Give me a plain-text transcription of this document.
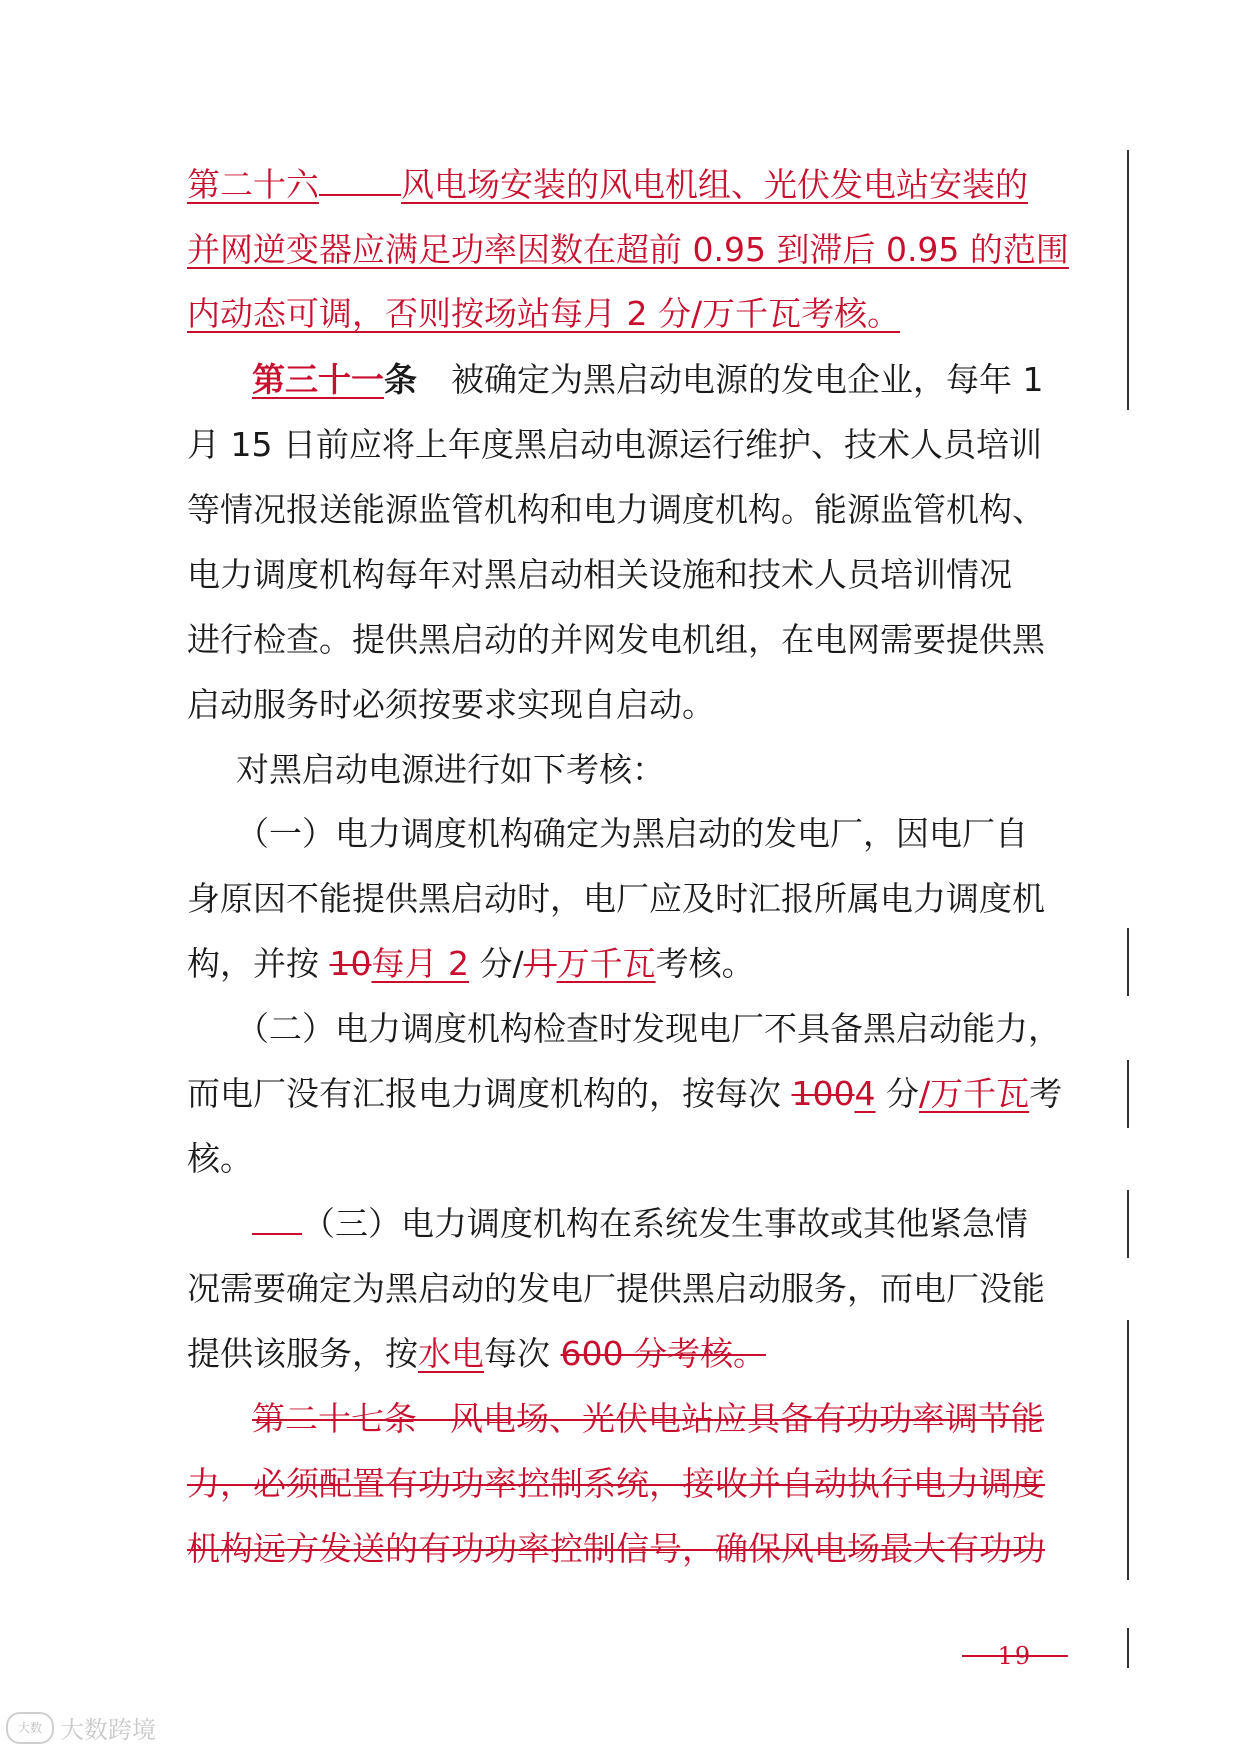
第二十六 风电场安装的风电机组、光伏发电站安装的
并网逆变器应满足功率因数在超前 0.95 到滞后 0.95 的范围
内动态可调，否则按场站每月 2 分/万千瓦考核。
第三十一条 被确定为黑启动电源的发电企业，每年 1
月 15 日前应将上年度黑启动电源运行维护、技术人员培训
等情况报送能源监管机构和电力调度机构。能源监管机构、
电力调度机构每年对黑启动相关设施和技术人员培训情况
进行检查。提供黑启动的并网发电机组，在电网需要提供黑
启动服务时必须按要求实现自启动。
对黑启动电源进行如下考核：
（一）电力调度机构确定为黑启动的发电厂，因电厂自
身原因不能提供黑启动时，电厂应及时汇报所属电力调度机
构，并按 10每月 2 分/月万千瓦考核。
（二）电力调度机构检查时发现电厂不具备黑启动能力，
而电厂没有汇报电力调度机构的，按每次 1004 分/万千瓦考
核。
（三）电力调度机构在系统发生事故或其他紧急情
况需要确定为黑启动的发电厂提供黑启动服务，而电厂没能
提供该服务，按水电每次 600 分考核。
第二十七条　风电场、光伏电站应具备有功功率调节能
力，必须配置有功功率控制系统，接收并自动执行电力调度
机构远方发送的有功功率控制信号，确保风电场最大有功功
－ 19 －
大数 大数跨境
